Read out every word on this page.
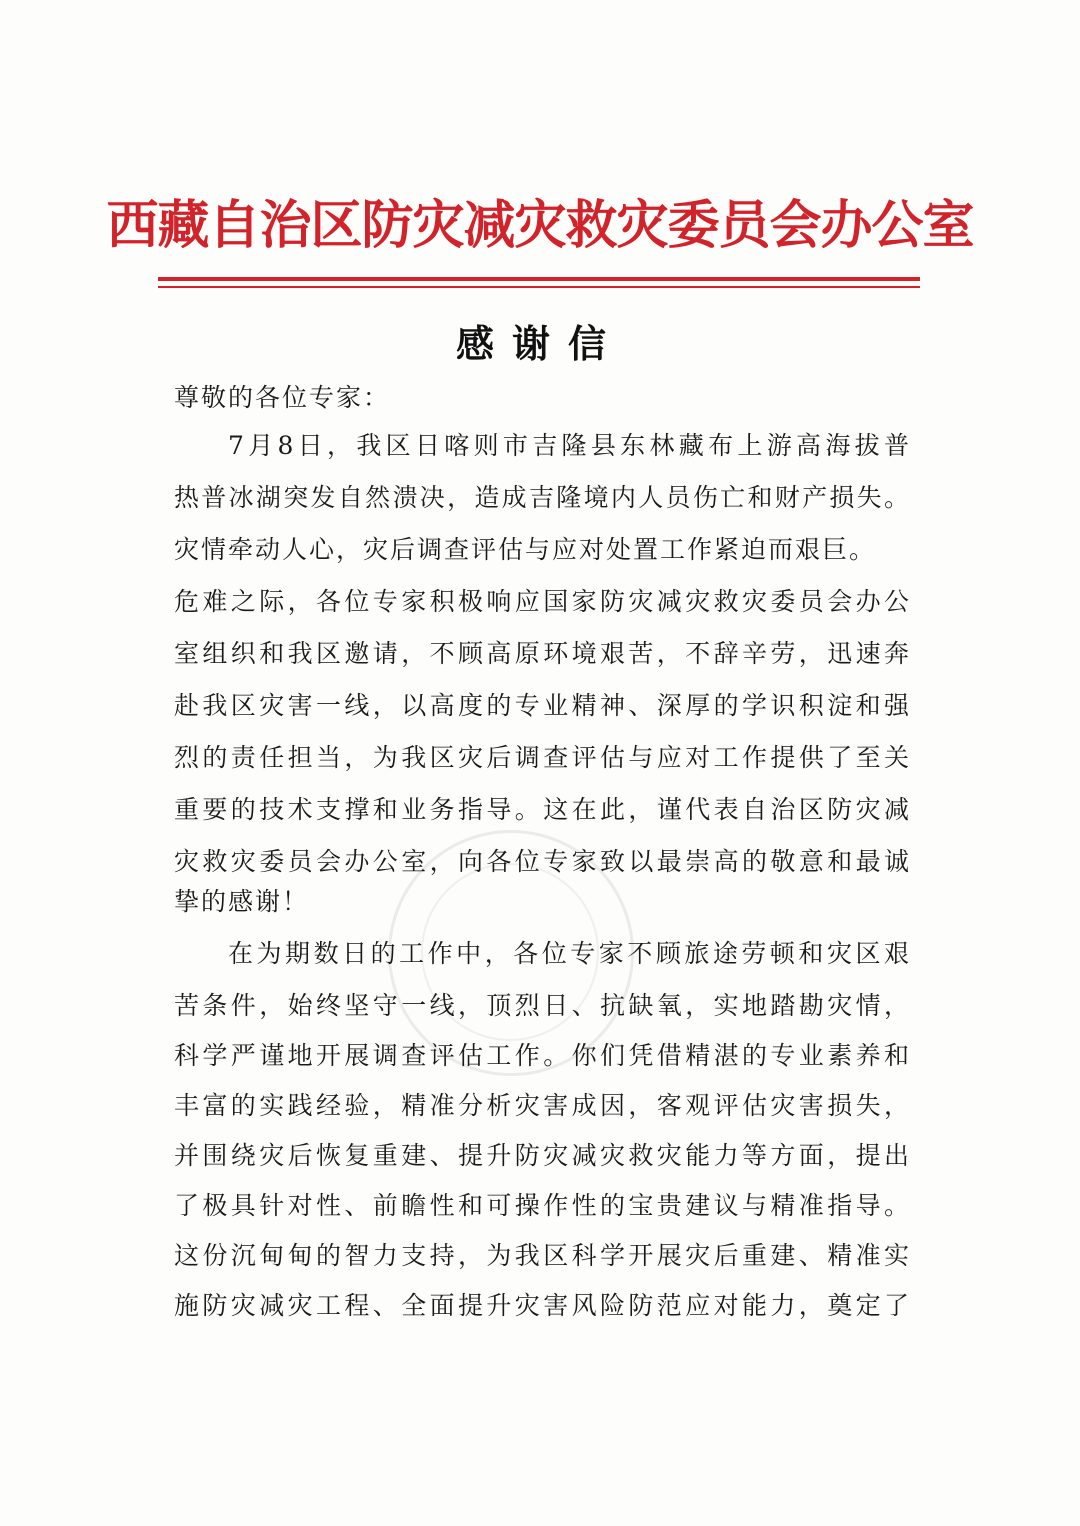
西藏自治区防灾减灾救灾委员会办公室
感谢信
尊敬的各位专家：
7月8日，我区日喀则市吉隆县东林藏布上游高海拔普
热普冰湖突发自然溃决，造成吉隆境内人员伤亡和财产损失。
灾情牵动人心，灾后调查评估与应对处置工作紧迫而艰巨。
危难之际，各位专家积极响应国家防灾减灾救灾委员会办公
室组织和我区邀请，不顾高原环境艰苦，不辞辛劳，迅速奔
赴我区灾害一线，以高度的专业精神、深厚的学识积淀和强
烈的责任担当，为我区灾后调查评估与应对工作提供了至关
重要的技术支撑和业务指导。这在此，谨代表自治区防灾减
灾救灾委员会办公室，向各位专家致以最崇高的敬意和最诚
挚的感谢！
在为期数日的工作中，各位专家不顾旅途劳顿和灾区艰
苦条件，始终坚守一线，顶烈日、抗缺氧，实地踏勘灾情，
科学严谨地开展调查评估工作。你们凭借精湛的专业素养和
丰富的实践经验，精准分析灾害成因，客观评估灾害损失，
并围绕灾后恢复重建、提升防灾减灾救灾能力等方面，提出
了极具针对性、前瞻性和可操作性的宝贵建议与精准指导。
这份沉甸甸的智力支持，为我区科学开展灾后重建、精准实
施防灾减灾工程、全面提升灾害风险防范应对能力，奠定了
